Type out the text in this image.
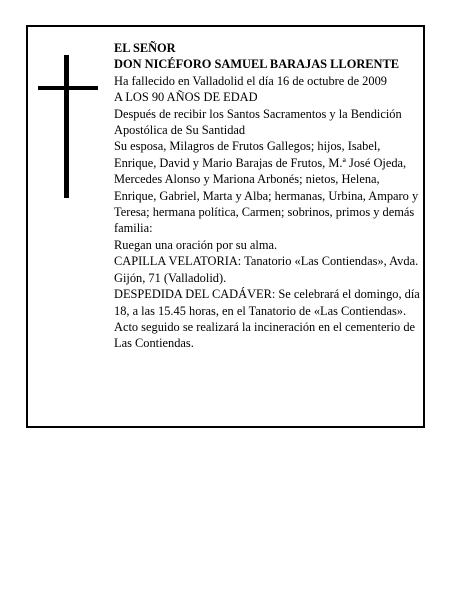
EL SEÑOR

DON NICÉFORO SAMUEL BARAJAS LLORENTE

Ha fallecido en Valladolid el día 16 de octubre de 2009

A LOS 90 AÑOS DE EDAD

Después de recibir los Santos Sacramentos y la Bendición Apostólica de Su Santidad

Su esposa, Milagros de Frutos Gallegos; hijos, Isabel, Enrique, David y Mario Barajas de Frutos, M.ª José Ojeda, Mercedes Alonso y Mariona Arbonés; nietos, Helena, Enrique, Gabriel, Marta y Alba; hermanas, Urbina, Amparo y Teresa; hermana política, Carmen; sobrinos, primos y demás familia:

Ruegan una oración por su alma.

CAPILLA VELATORIA: Tanatorio «Las Contiendas», Avda. Gijón, 71 (Valladolid).

DESPEDIDA DEL CADÁVER: Se celebrará el domingo, día 18, a las 15.45 horas, en el Tanatorio de «Las Contiendas». Acto seguido se realizará la incineración en el cementerio de Las Contiendas.
